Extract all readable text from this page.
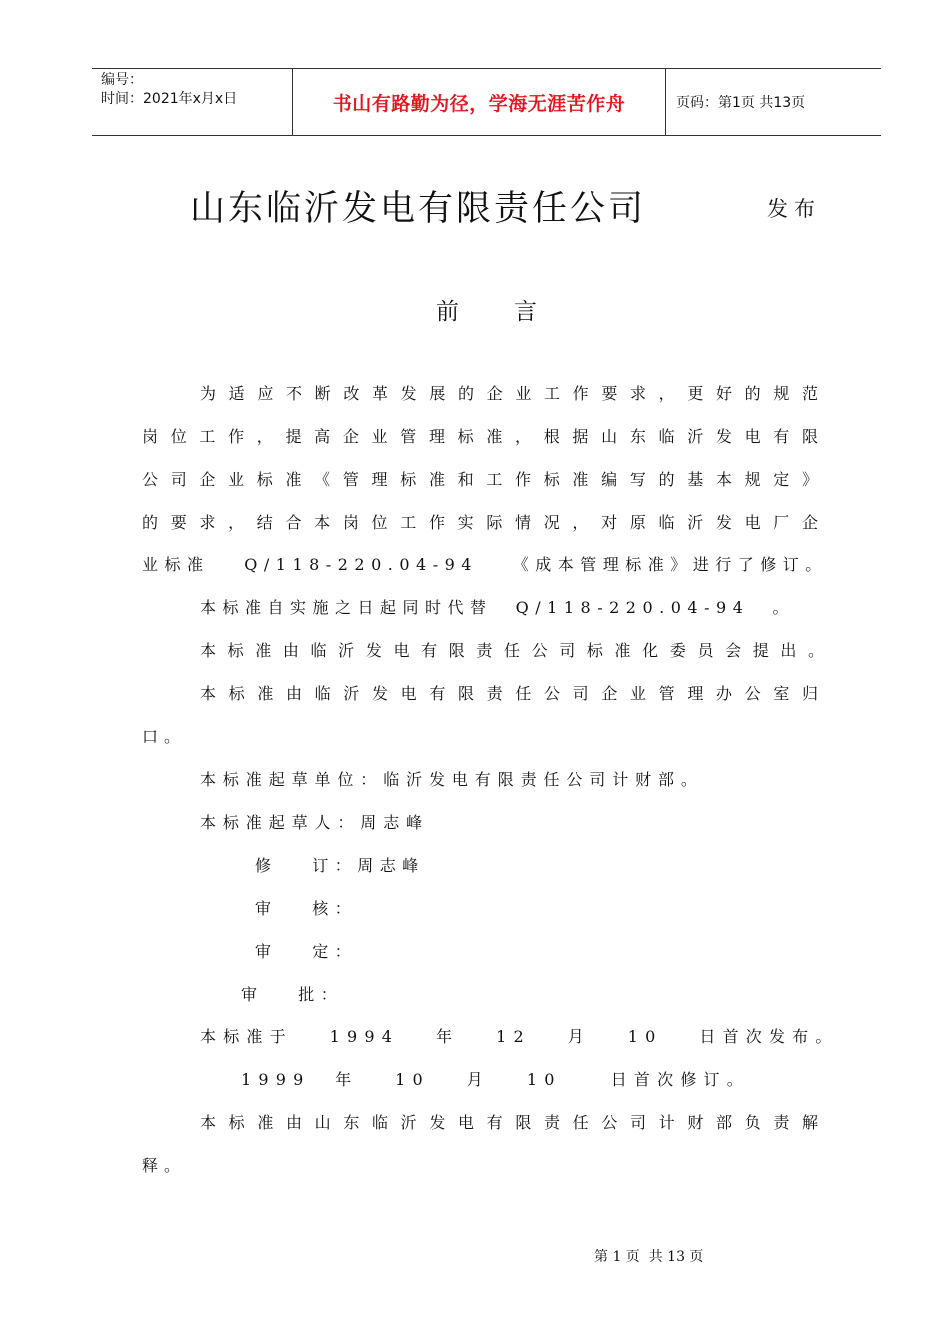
编号：
时间：2021年x月x日	书山有路勤为径，学海无涯苦作舟	页码：第1页 共13页
山东临沂发电有限责任公司	发布
前言
为适应不断改革发展的企业工作要求，更好的规范
岗位工作，提高企业管理标准，根据山东临沂发电有限
公司企业标准《管理标准和工作标准编写的基本规定》
的要求，结合本岗位工作实际情况，对原临沂发电厂企
业标准   Q/118-220.04-94   《成本管理标准》进行了修订。
本标准自实施之日起同时代替  Q/118-220.04-94  。
本标准由临沂发电有限责任公司标准化委员会提出。
本标准由临沂发电有限责任公司企业管理办公室归
口。
本标准起草单位：临沂发电有限责任公司计财部。
本标准起草人：周志峰
修   订：周志峰
审   核：
审   定：
审   批：
本标准于   1994   年   12   月   10   日首次发布。
1999  年   10   月   10    日首次修订。
本标准由山东临沂发电有限责任公司计财部负责解
释。
第 1 页  共 13 页
